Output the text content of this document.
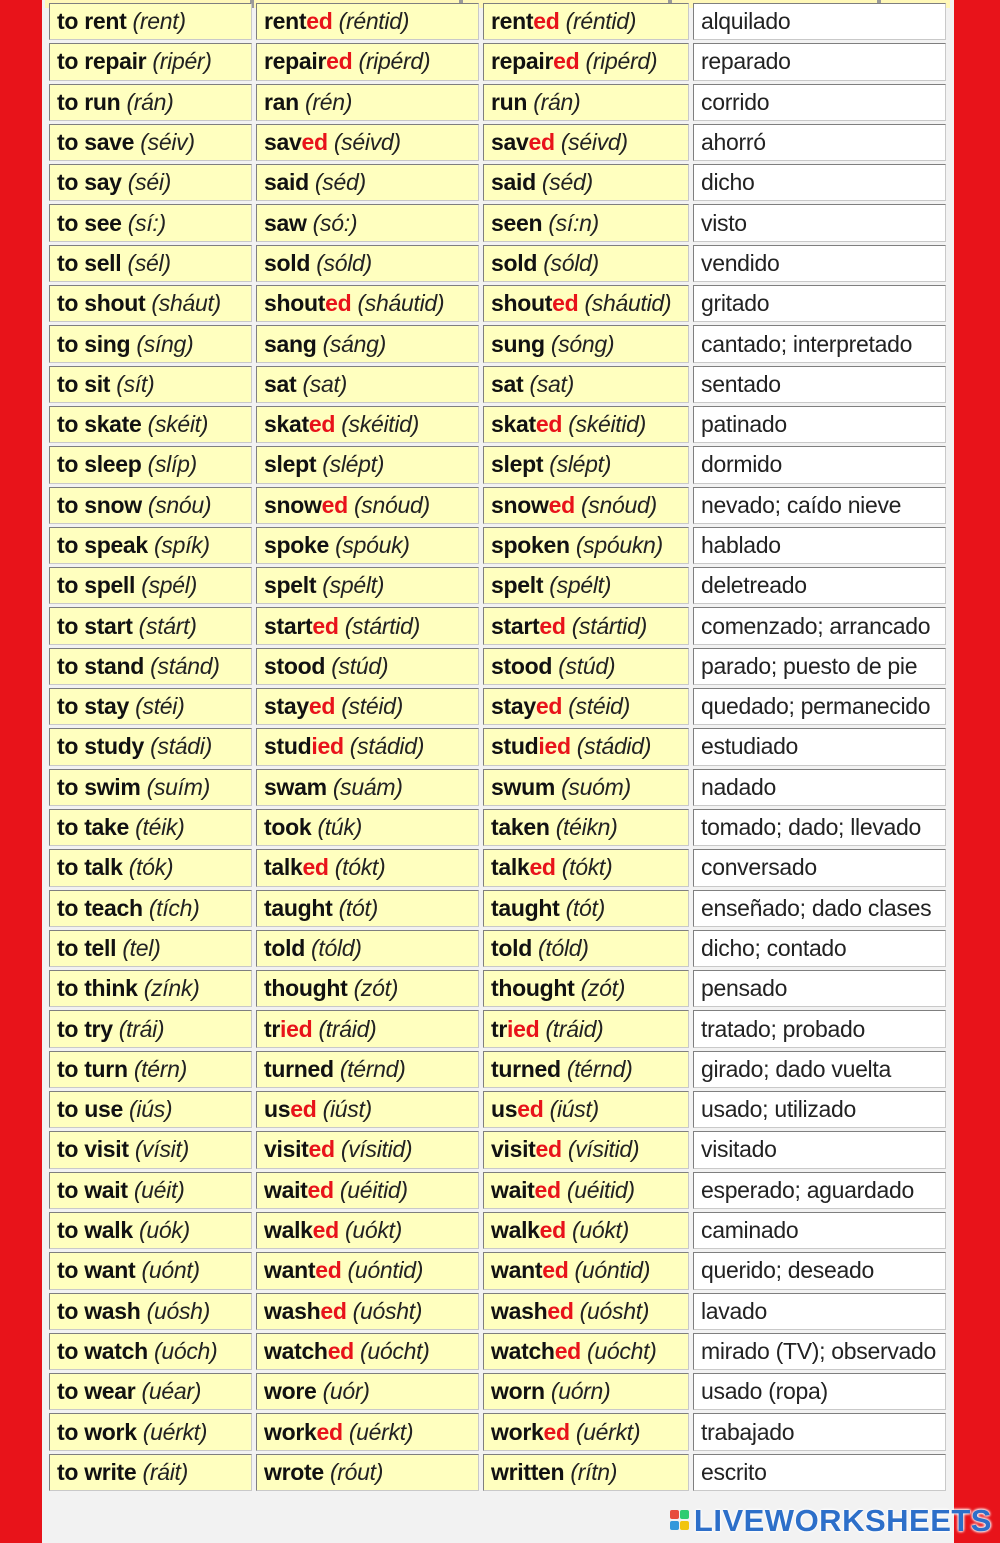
to rent (rent)	rented (réntid)	rented (réntid)	alquilado
to repair (ripér)	repaired (ripérd)	repaired (ripérd)	reparado
to run (rán)	ran (rén)	run (rán)	corrido
to save (séiv)	saved (séivd)	saved (séivd)	ahorró
to say (séi)	said (séd)	said (séd)	dicho
to see (sí:)	saw (só:)	seen (sí:n)	visto
to sell (sél)	sold (sóld)	sold (sóld)	vendido
to shout (sháut)	shouted (sháutid)	shouted (sháutid)	gritado
to sing (síng)	sang (sáng)	sung (sóng)	cantado; interpretado
to sit (sít)	sat (sat)	sat (sat)	sentado
to skate (skéit)	skated (skéitid)	skated (skéitid)	patinado
to sleep (slíp)	slept (slépt)	slept (slépt)	dormido
to snow (snóu)	snowed (snóud)	snowed (snóud)	nevado; caído nieve
to speak (spík)	spoke (spóuk)	spoken (spóukn)	hablado
to spell (spél)	spelt (spélt)	spelt (spélt)	deletreado
to start (stárt)	started (stártid)	started (stártid)	comenzado; arrancado
to stand (stánd)	stood (stúd)	stood (stúd)	parado; puesto de pie
to stay (stéi)	stayed (stéid)	stayed (stéid)	quedado; permanecido
to study (stádi)	studied (stádid)	studied (stádid)	estudiado
to swim (suím)	swam (suám)	swum (suóm)	nadado
to take (téik)	took (túk)	taken (téikn)	tomado; dado; llevado
to talk (tók)	talked (tókt)	talked (tókt)	conversado
to teach (tích)	taught (tót)	taught (tót)	enseñado; dado clases
to tell (tel)	told (tóld)	told (tóld)	dicho; contado
to think (zínk)	thought (zót)	thought (zót)	pensado
to try (trái)	tried (tráid)	tried (tráid)	tratado; probado
to turn (térn)	turned (térnd)	turned (térnd)	girado; dado vuelta
to use (iús)	used (iúst)	used (iúst)	usado; utilizado
to visit (vísit)	visited (vísitid)	visited (vísitid)	visitado
to wait (uéit)	waited (uéitid)	waited (uéitid)	esperado; aguardado
to walk (uók)	walked (uókt)	walked (uókt)	caminado
to want (uónt)	wanted (uóntid)	wanted (uóntid)	querido; deseado
to wash (uósh)	washed (uósht)	washed (uósht)	lavado
to watch (uóch)	watched (uócht)	watched (uócht)	mirado (TV); observado
to wear (uéar)	wore (uór)	worn (uórn)	usado (ropa)
to work (uérkt)	worked (uérkt)	worked (uérkt)	trabajado
to write (ráit)	wrote (róut)	written (rítn)	escrito
LIVEWORKSHEETS
